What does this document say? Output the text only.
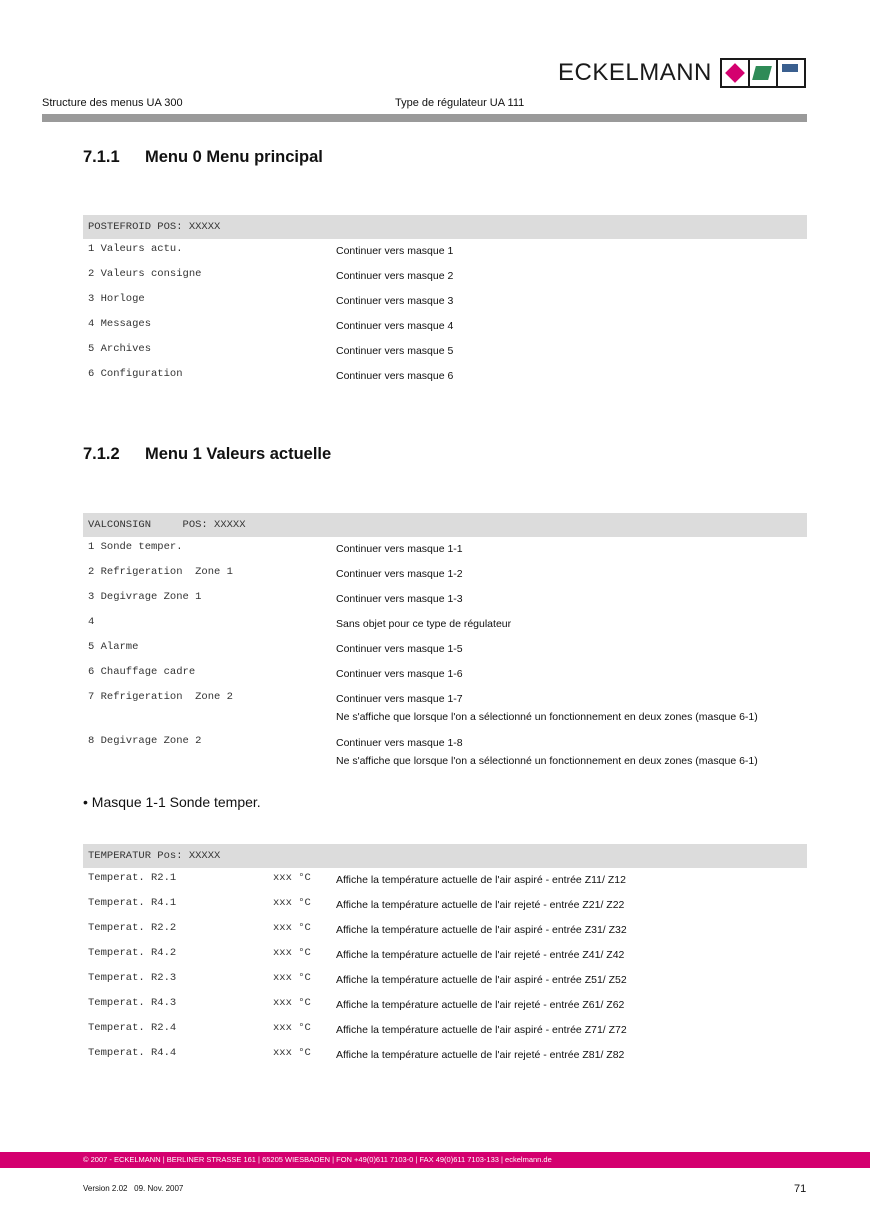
ECKELMANN
Structure des menus UA 300	Type de régulateur UA 111
7.1.1 Menu 0 Menu principal
POSTEFROID POS: XXXXX
1 Valeurs actu.	Continuer vers masque 1
2 Valeurs consigne	Continuer vers masque 2
3 Horloge	Continuer vers masque 3
4 Messages	Continuer vers masque 4
5 Archives	Continuer vers masque 5
6 Configuration	Continuer vers masque 6
7.1.2 Menu 1 Valeurs actuelle
VALCONSIGN     POS: XXXXX
1 Sonde temper.	Continuer vers masque 1-1
2 Refrigeration  Zone 1	Continuer vers masque 1-2
3 Degivrage Zone 1	Continuer vers masque 1-3
4	Sans objet pour ce type de régulateur
5 Alarme	Continuer vers masque 1-5
6 Chauffage cadre	Continuer vers masque 1-6
7 Refrigeration  Zone 2	Continuer vers masque 1-7
Ne s'affiche que lorsque l'on a sélectionné un fonctionnement en deux zones (masque 6-1)
8 Degivrage Zone 2	Continuer vers masque 1-8
Ne s'affiche que lorsque l'on a sélectionné un fonctionnement en deux zones (masque 6-1)
• Masque 1-1 Sonde temper.
TEMPERATUR Pos: XXXXX
Temperat. R2.1	xxx °C Affiche la température actuelle de l'air aspiré - entrée Z11/ Z12
Temperat. R4.1	xxx °C Affiche la température actuelle de l'air rejeté - entrée Z21/ Z22
Temperat. R2.2	xxx °C Affiche la température actuelle de l'air aspiré - entrée Z31/ Z32
Temperat. R4.2	xxx °C Affiche la température actuelle de l'air rejeté - entrée Z41/ Z42
Temperat. R2.3	xxx °C Affiche la température actuelle de l'air aspiré - entrée Z51/ Z52
Temperat. R4.3	xxx °C Affiche la température actuelle de l'air rejeté - entrée Z61/ Z62
Temperat. R2.4	xxx °C Affiche la température actuelle de l'air aspiré - entrée Z71/ Z72
Temperat. R4.4	xxx °C Affiche la température actuelle de l'air rejeté - entrée Z81/ Z82
© 2007 - ECKELMANN | BERLINER STRASSE 161 | 65205 WIESBADEN | FON +49(0)611 7103-0 | FAX 49(0)611 7103-133 | eckelmann.de
Version 2.02   09. Nov. 2007	71
